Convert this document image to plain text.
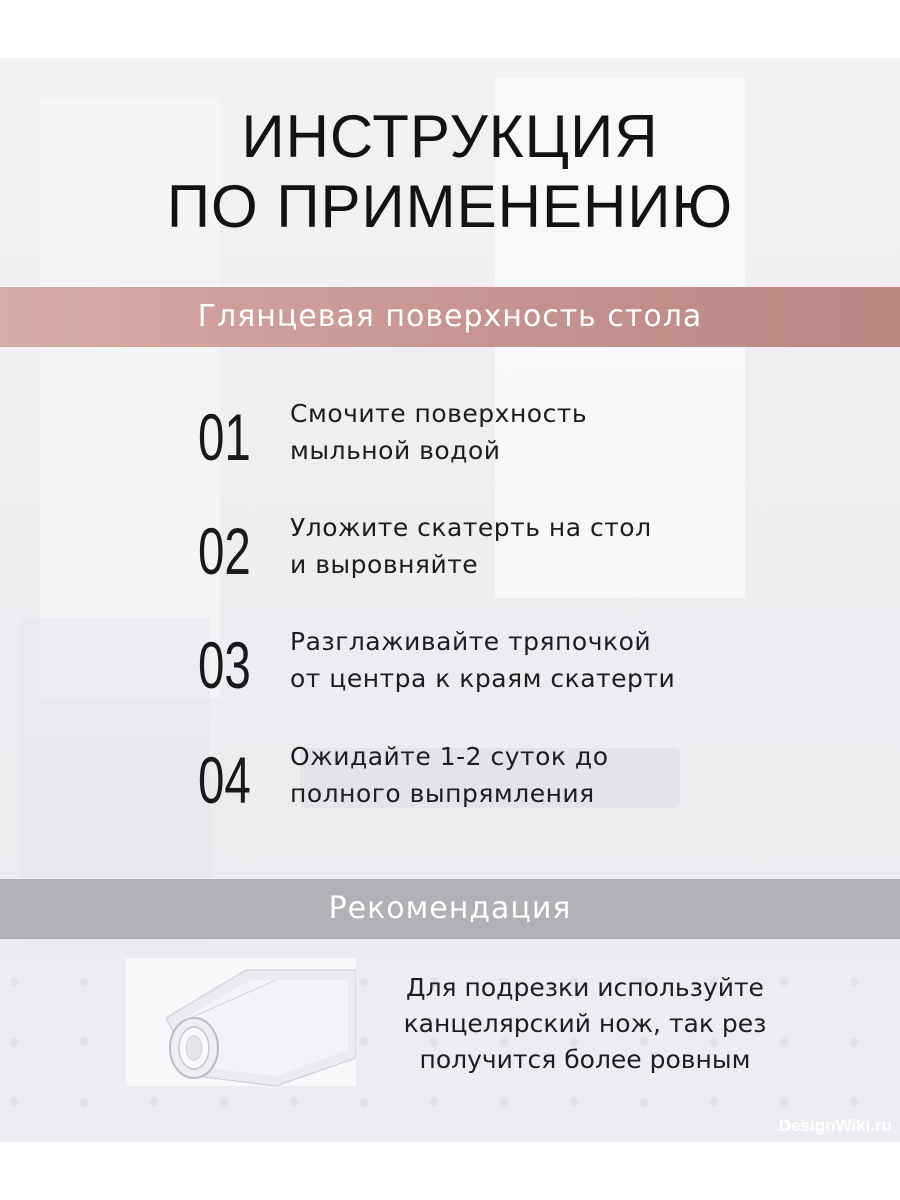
ИНСТРУКЦИЯ
ПО ПРИМЕНЕНИЮ
Глянцевая поверхность стола
01 Смочите поверхность
мыльной водой
02 Уложите скатерть на стол
и выровняйте
03 Разглаживайте тряпочкой
от центра к краям скатерти
04 Ожидайте 1-2 суток до
полного выпрямления
Рекомендация
Для подрезки используйте
канцелярский нож, так рез
получится более ровным
DesignWiki.ru
